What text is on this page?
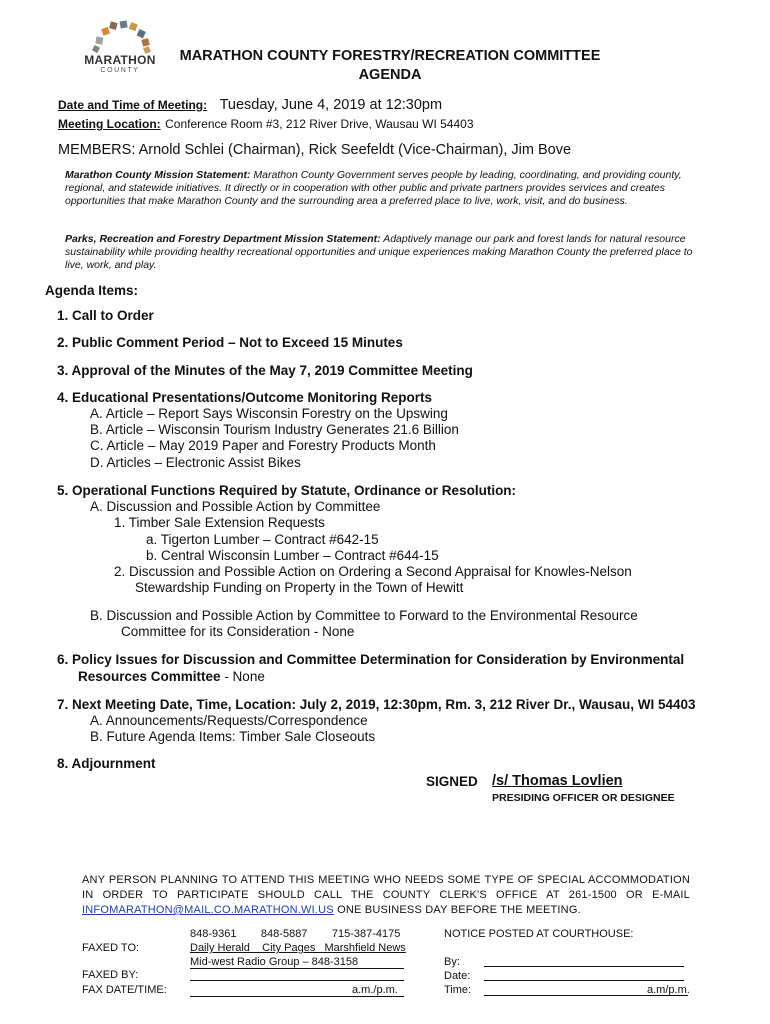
MARATHON
COUNTY
MARATHON COUNTY FORESTRY/RECREATION COMMITTEE
AGENDA
Date and Time of Meeting: Tuesday, June 4, 2019 at 12:30pm
Meeting Location: Conference Room #3, 212 River Drive, Wausau WI 54403
MEMBERS: Arnold Schlei (Chairman), Rick Seefeldt (Vice-Chairman), Jim Bove
Marathon County Mission Statement: Marathon County Government serves people by leading, coordinating, and providing county, regional, and statewide initiatives. It directly or in cooperation with other public and private partners provides services and creates opportunities that make Marathon County and the surrounding area a preferred place to live, work, visit, and do business.
Parks, Recreation and Forestry Department Mission Statement: Adaptively manage our park and forest lands for natural resource sustainability while providing healthy recreational opportunities and unique experiences making Marathon County the preferred place to live, work, and play.
Agenda Items:
1. Call to Order
2. Public Comment Period – Not to Exceed 15 Minutes
3. Approval of the Minutes of the May 7, 2019 Committee Meeting
4. Educational Presentations/Outcome Monitoring Reports
A. Article – Report Says Wisconsin Forestry on the Upswing
B. Article – Wisconsin Tourism Industry Generates 21.6 Billion
C. Article – May 2019 Paper and Forestry Products Month
D. Articles – Electronic Assist Bikes
5. Operational Functions Required by Statute, Ordinance or Resolution:
A. Discussion and Possible Action by Committee
1. Timber Sale Extension Requests
a. Tigerton Lumber – Contract #642-15
b. Central Wisconsin Lumber – Contract #644-15
2. Discussion and Possible Action on Ordering a Second Appraisal for Knowles-Nelson
Stewardship Funding on Property in the Town of Hewitt
B. Discussion and Possible Action by Committee to Forward to the Environmental Resource
Committee for its Consideration - None
6. Policy Issues for Discussion and Committee Determination for Consideration by Environmental
Resources Committee - None
7. Next Meeting Date, Time, Location: July 2, 2019, 12:30pm, Rm. 3, 212 River Dr., Wausau, WI 54403
A. Announcements/Requests/Correspondence
B. Future Agenda Items: Timber Sale Closeouts
8. Adjournment
SIGNED /s/ Thomas Lovlien
PRESIDING OFFICER OR DESIGNEE
ANY PERSON PLANNING TO ATTEND THIS MEETING WHO NEEDS SOME TYPE OF SPECIAL ACCOMMODATION IN ORDER TO PARTICIPATE SHOULD CALL THE COUNTY CLERK'S OFFICE AT 261-1500 OR E-MAIL INFOMARATHON@MAIL.CO.MARATHON.WI.US ONE BUSINESS DAY BEFORE THE MEETING.
848-9361        848-5887        715-387-4175
FAXED TO:	Daily Herald    City Pages   Marshfield News
Mid-west Radio Group – 848-3158
FAXED BY:
FAX DATE/TIME:	a.m./p.m.
NOTICE POSTED AT COURTHOUSE:
By:
Date:
Time:	a.m/p.m.
